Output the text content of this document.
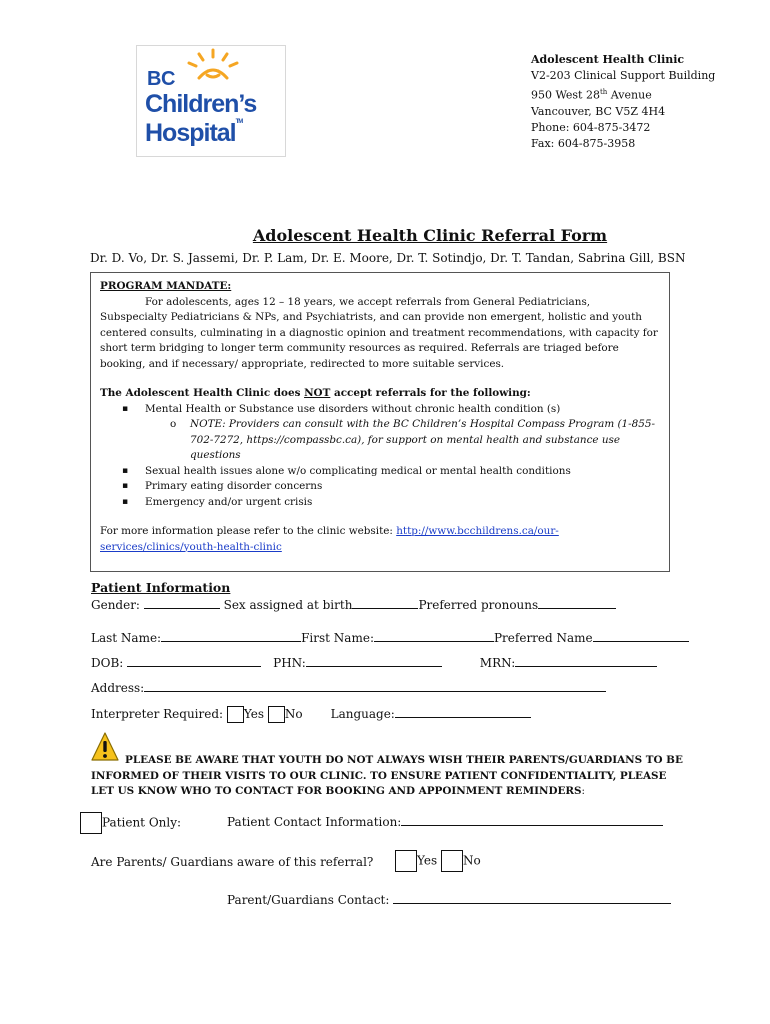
BC
Children’s
Hospital™
Adolescent Health Clinic
V2-203 Clinical Support Building
950 West 28th Avenue
Vancouver, BC V5Z 4H4
Phone: 604-875-3472
Fax: 604-875-3958
Adolescent Health Clinic Referral Form
Dr. D. Vo, Dr. S. Jassemi, Dr. P. Lam, Dr. E. Moore, Dr. T. Sotindjo, Dr. T. Tandan, Sabrina Gill, BSN
PROGRAM MANDATE:
For adolescents, ages 12 – 18 years, we accept referrals from General Pediatricians,
Subspecialty Pediatricians & NPs, and Psychiatrists, and can provide non emergent, holistic and youth centered consults, culminating in a diagnostic opinion and treatment recommendations, with capacity for short term bridging to longer term community resources as required. Referrals are triaged before booking, and if necessary/ appropriate, redirected to more suitable services.
The Adolescent Health Clinic does NOT accept referrals for the following:
▪ Mental Health or Substance use disorders without chronic health condition (s)
o NOTE: Providers can consult with the BC Children’s Hospital Compass Program (1-855-702-7272, https://compassbc.ca), for support on mental health and substance use questions
▪ Sexual health issues alone w/o complicating medical or mental health conditions
▪ Primary eating disorder concerns
▪ Emergency and/or urgent crisis
For more information please refer to the clinic website: http://www.bcchildrens.ca/our-services/clinics/youth-health-clinic
Patient Information
Gender:	Sex assigned at birth	Preferred pronouns
Last Name:	First Name:	Preferred Name
DOB:	PHN:	MRN:
Address:
Interpreter Required: Yes No Language:
PLEASE BE AWARE THAT YOUTH DO NOT ALWAYS WISH THEIR PARENTS/GUARDIANS TO BE INFORMED OF THEIR VISITS TO OUR CLINIC. TO ENSURE PATIENT CONFIDENTIALITY, PLEASE LET US KNOW WHO TO CONTACT FOR BOOKING AND APPOINMENT REMINDERS:
Patient Only:	Patient Contact Information:
Are Parents/ Guardians aware of this referral?	Yes No
Parent/Guardians Contact:
